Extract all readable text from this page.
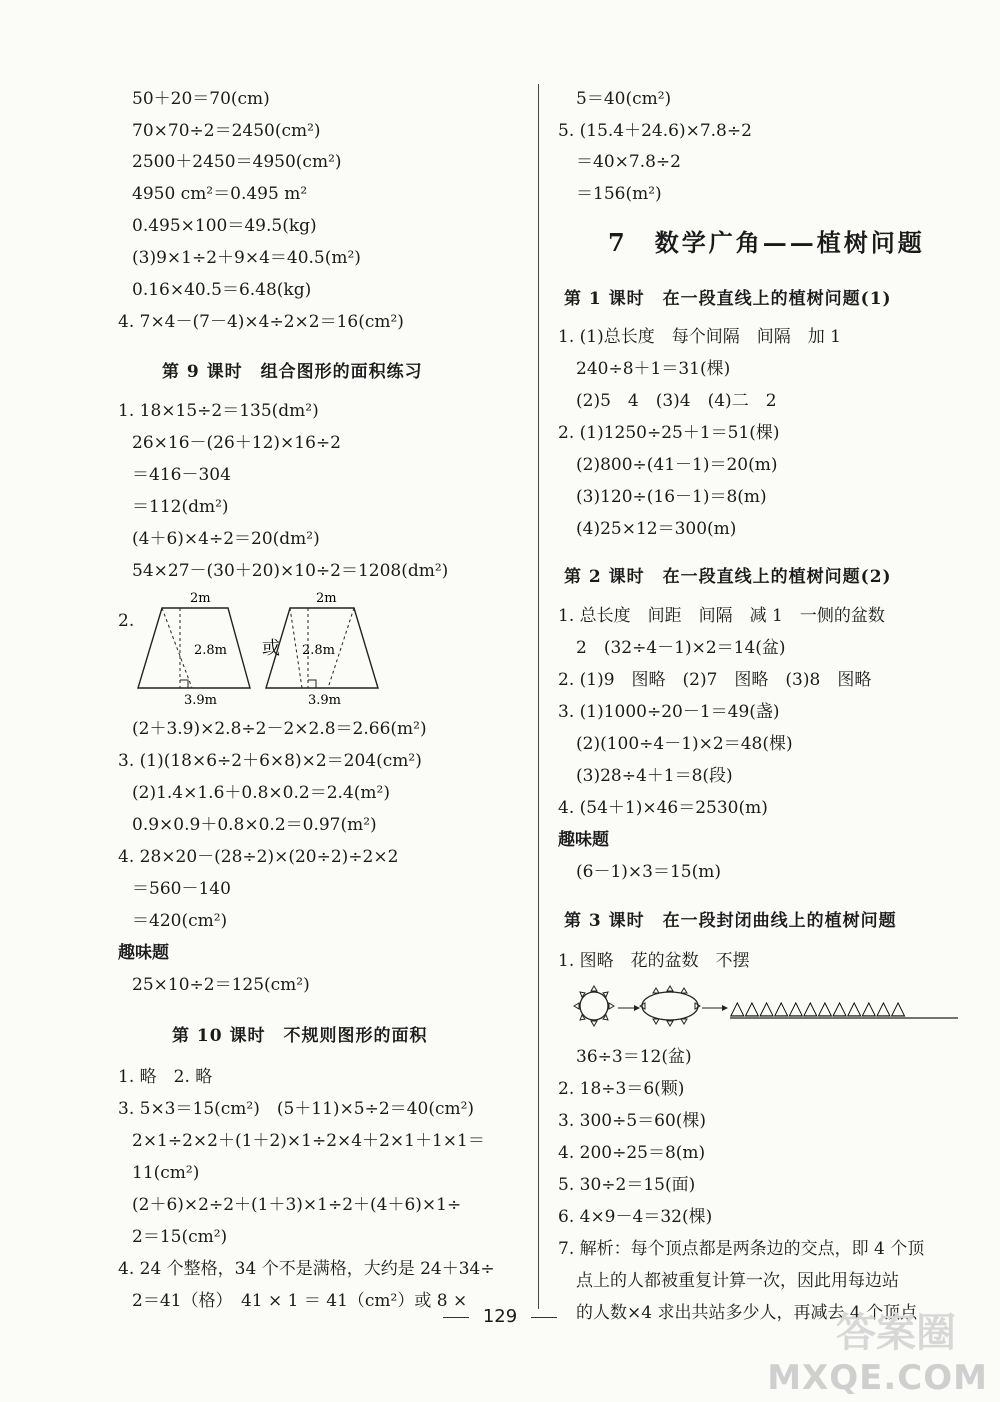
50＋20＝70(cm)
70×70÷2＝2450(cm²)
2500＋2450＝4950(cm²)
4950 cm²＝0.495 m²
0.495×100＝49.5(kg)
(3)9×1÷2＋9×4＝40.5(m²)
0.16×40.5＝6.48(kg)
4. 7×4－(7－4)×4÷2×2＝16(cm²)
第 9 课时　组合图形的面积练习
1. 18×15÷2＝135(dm²)
26×16－(26＋12)×16÷2
＝416－304
＝112(dm²)
(4＋6)×4÷2＝20(dm²)
54×27－(30＋20)×10÷2＝1208(dm²)
2.
2m
2.8m
3.9m
或
2m
2.8m
3.9m
(2＋3.9)×2.8÷2－2×2.8＝2.66(m²)
3. (1)(18×6÷2＋6×8)×2＝204(cm²)
(2)1.4×1.6＋0.8×0.2＝2.4(m²)
0.9×0.9＋0.8×0.2＝0.97(m²)
4. 28×20－(28÷2)×(20÷2)÷2×2
＝560－140
＝420(cm²)
趣味题
25×10÷2＝125(cm²)
第 10 课时　不规则图形的面积
1. 略　2. 略
3. 5×3＝15(cm²)　(5＋11)×5÷2＝40(cm²)
2×1÷2×2＋(1＋2)×1÷2×4＋2×1＋1×1＝
11(cm²)
(2＋6)×2÷2＋(1＋3)×1÷2＋(4＋6)×1÷
2＝15(cm²)
4. 24 个整格，34 个不是满格，大约是 24＋34÷
2＝41（格）　41 × 1 ＝ 41（cm²）或 8 ×
5＝40(cm²)
5. (15.4＋24.6)×7.8÷2
＝40×7.8÷2
＝156(m²)
7　数学广角——植树问题
第 1 课时　在一段直线上的植树问题(1)
1. (1)总长度　每个间隔　间隔　加 1
240÷8＋1＝31(棵)
(2)5　4　(3)4　(4)二　2
2. (1)1250÷25＋1＝51(棵)
(2)800÷(41－1)＝20(m)
(3)120÷(16－1)＝8(m)
(4)25×12＝300(m)
第 2 课时　在一段直线上的植树问题(2)
1. 总长度　间距　间隔　减 1　一侧的盆数
2　(32÷4－1)×2＝14(盆)
2. (1)9　图略　(2)7　图略　(3)8　图略
3. (1)1000÷20－1＝49(盏)
(2)(100÷4－1)×2＝48(棵)
(3)28÷4＋1＝8(段)
4. (54＋1)×46＝2530(m)
趣味题
(6－1)×3＝15(m)
第 3 课时　在一段封闭曲线上的植树问题
1. 图略　花的盆数　不摆
△△△△△△△△△△△△
36÷3＝12(盆)
2. 18÷3＝6(颗)
3. 300÷5＝60(棵)
4. 200÷25＝8(m)
5. 30÷2＝15(面)
6. 4×9－4＝32(棵)
7. 解析：每个顶点都是两条边的交点，即 4 个顶
点上的人都被重复计算一次，因此用每边站
的人数×4 求出共站多少人，再减去 4 个顶点
129	答案圈
MXQE.COM
